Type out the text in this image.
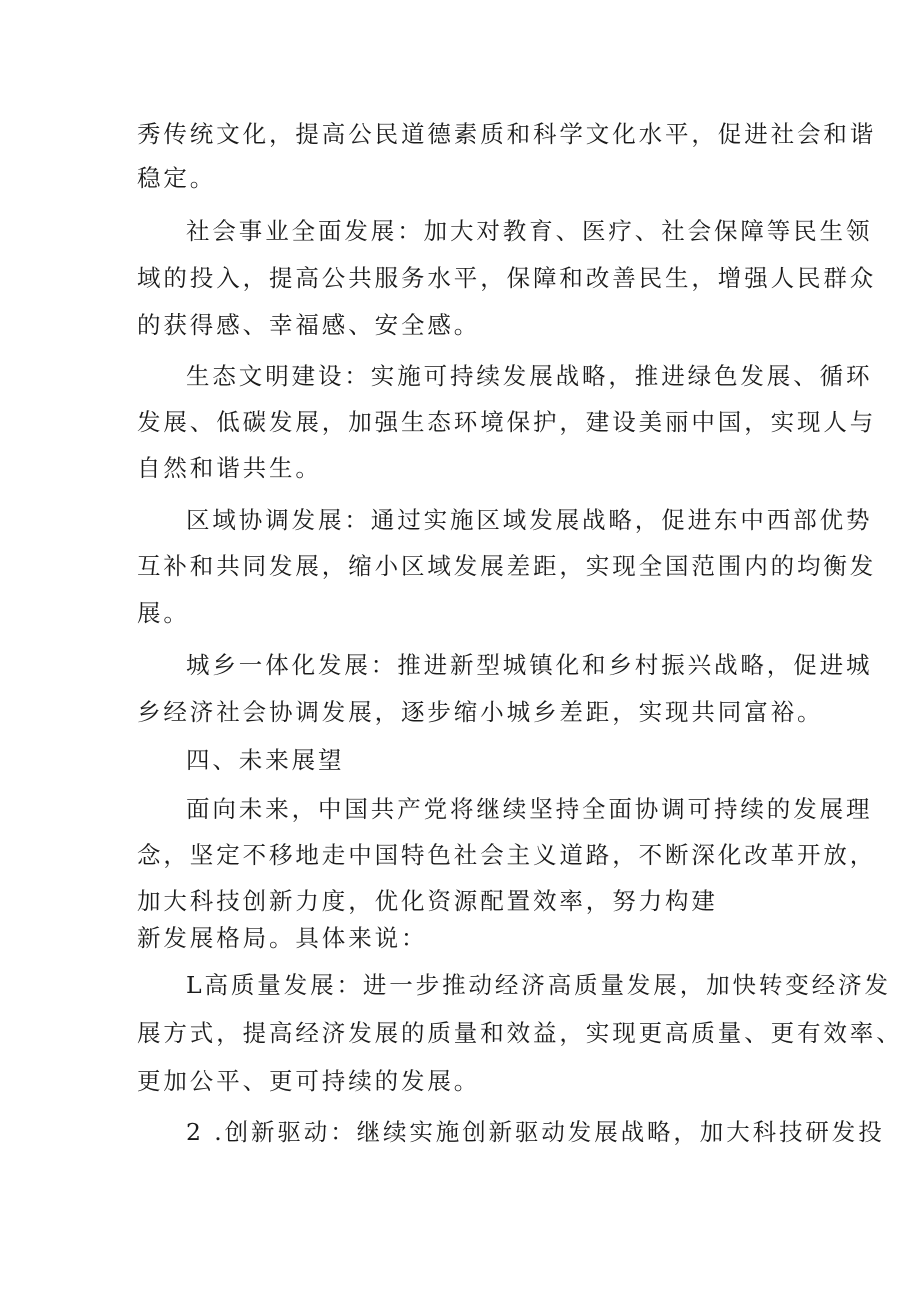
秀传统文化，提高公民道德素质和科学文化水平，促进社会和谐
稳定。
社会事业全面发展：加大对教育、医疗、社会保障等民生领
域的投入，提高公共服务水平，保障和改善民生，增强人民群众
的获得感、幸福感、安全感。
生态文明建设：实施可持续发展战略，推进绿色发展、循环
发展、低碳发展，加强生态环境保护，建设美丽中国，实现人与
自然和谐共生。
区域协调发展：通过实施区域发展战略，促进东中西部优势
互补和共同发展，缩小区域发展差距，实现全国范围内的均衡发
展。
城乡一体化发展：推进新型城镇化和乡村振兴战略，促进城
乡经济社会协调发展，逐步缩小城乡差距，实现共同富裕。
四、未来展望
面向未来，中国共产党将继续坚持全面协调可持续的发展理
念，坚定不移地走中国特色社会主义道路，不断深化改革开放，
加大科技创新力度，优化资源配置效率，努力构建
新发展格局。具体来说：
L高质量发展：进一步推动经济高质量发展，加快转变经济发
展方式，提高经济发展的质量和效益，实现更高质量、更有效率、
更加公平、更可持续的发展。
2 .创新驱动：继续实施创新驱动发展战略，加大科技研发投
